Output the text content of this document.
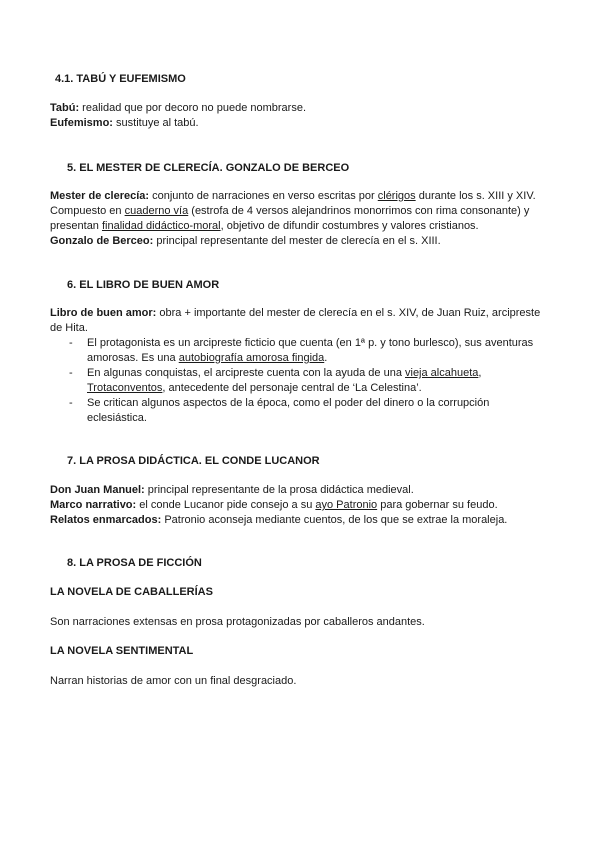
4.1. TABÚ Y EUFEMISMO
Tabú: realidad que por decoro no puede nombrarse.
Eufemismo: sustituye al tabú.
5. EL MESTER DE CLERECÍA. GONZALO DE BERCEO
Mester de clerecía: conjunto de narraciones en verso escritas por clérigos durante los s. XIII y XIV. Compuesto en cuaderno vía (estrofa de 4 versos alejandrinos monorrimos con rima consonante) y presentan finalidad didáctico-moral, objetivo de difundir costumbres y valores cristianos.
Gonzalo de Berceo: principal representante del mester de clerecía en el s. XIII.
6. EL LIBRO DE BUEN AMOR
Libro de buen amor: obra + importante del mester de clerecía en el s. XIV, de Juan Ruiz, arcipreste de Hita.
- El protagonista es un arcipreste ficticio que cuenta (en 1ª p. y tono burlesco), sus aventuras amorosas. Es una autobiografía amorosa fingida.
- En algunas conquistas, el arcipreste cuenta con la ayuda de una vieja alcahueta, Trotaconventos, antecedente del personaje central de ‘La Celestina’.
- Se critican algunos aspectos de la época, como el poder del dinero o la corrupción eclesiástica.
7. LA PROSA DIDÁCTICA. EL CONDE LUCANOR
Don Juan Manuel: principal representante de la prosa didáctica medieval.
Marco narrativo: el conde Lucanor pide consejo a su ayo Patronio para gobernar su feudo.
Relatos enmarcados: Patronio aconseja mediante cuentos, de los que se extrae la moraleja.
8. LA PROSA DE FICCIÓN
LA NOVELA DE CABALLERÍAS
Son narraciones extensas en prosa protagonizadas por caballeros andantes.
LA NOVELA SENTIMENTAL
Narran historias de amor con un final desgraciado.
